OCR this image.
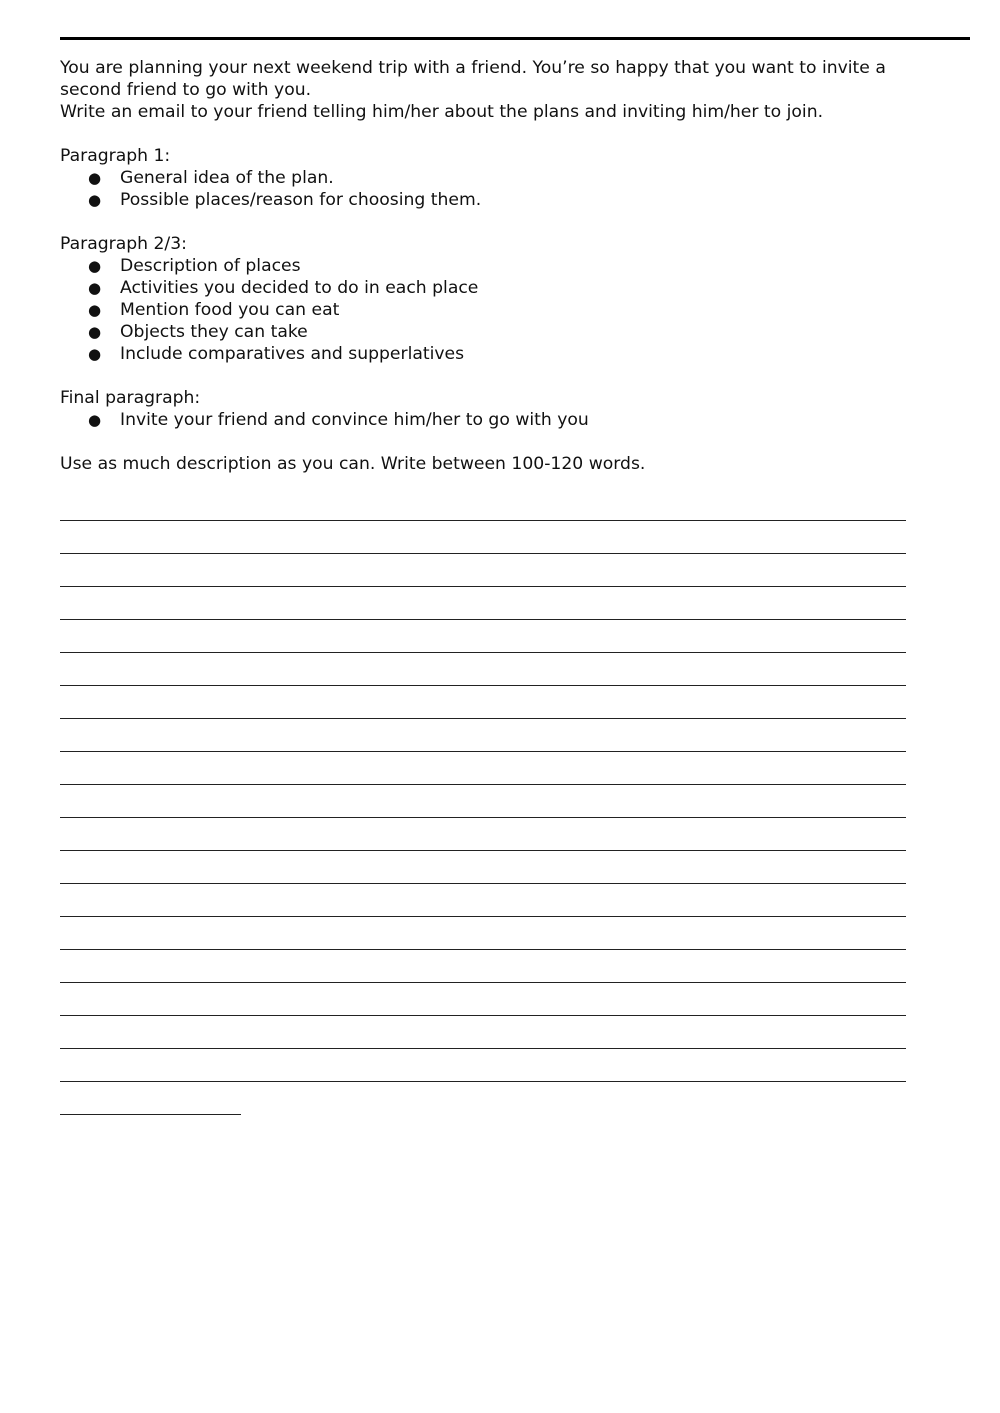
You are planning your next weekend trip with a friend. You’re so happy that you want to invite a second friend to go with you.

Write an email to your friend telling him/her about the plans and inviting him/her to join.

Paragraph 1:

● General idea of the plan.
● Possible places/reason for choosing them.

Paragraph 2/3:

● Description of places
● Activities you decided to do in each place
● Mention food you can eat
● Objects they can take
● Include comparatives and supperlatives

Final paragraph:

● Invite your friend and convince him/her to go with you

Use as much description as you can. Write between 100-120 words.
